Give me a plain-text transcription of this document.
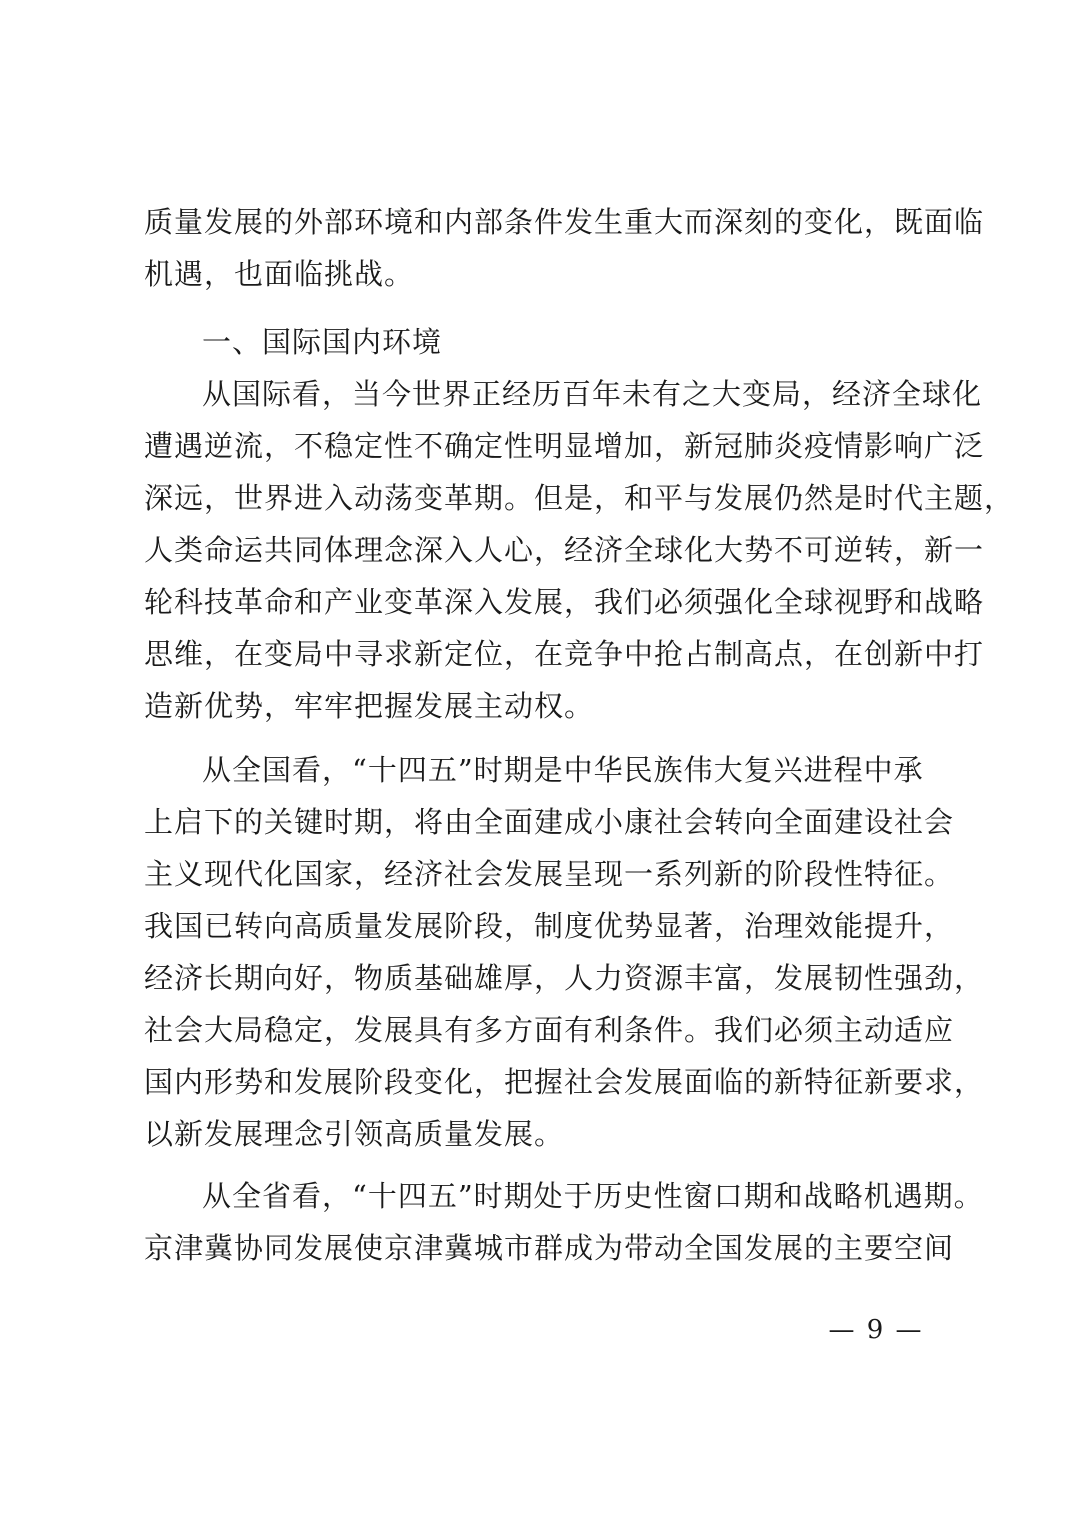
质量发展的外部环境和内部条件发生重大而深刻的变化，既面临
机遇，也面临挑战。
一、国际国内环境
从国际看，当今世界正经历百年未有之大变局，经济全球化
遭遇逆流，不稳定性不确定性明显增加，新冠肺炎疫情影响广泛
深远，世界进入动荡变革期。但是，和平与发展仍然是时代主题，
人类命运共同体理念深入人心，经济全球化大势不可逆转，新一
轮科技革命和产业变革深入发展，我们必须强化全球视野和战略
思维，在变局中寻求新定位，在竞争中抢占制高点，在创新中打
造新优势，牢牢把握发展主动权。
从全国看，“十四五”时期是中华民族伟大复兴进程中承
上启下的关键时期，将由全面建成小康社会转向全面建设社会
主义现代化国家，经济社会发展呈现一系列新的阶段性特征。
我国已转向高质量发展阶段，制度优势显著，治理效能提升，
经济长期向好，物质基础雄厚，人力资源丰富，发展韧性强劲，
社会大局稳定，发展具有多方面有利条件。我们必须主动适应
国内形势和发展阶段变化，把握社会发展面临的新特征新要求，
以新发展理念引领高质量发展。
从全省看，“十四五”时期处于历史性窗口期和战略机遇期。
京津冀协同发展使京津冀城市群成为带动全国发展的主要空间
— 9 —
